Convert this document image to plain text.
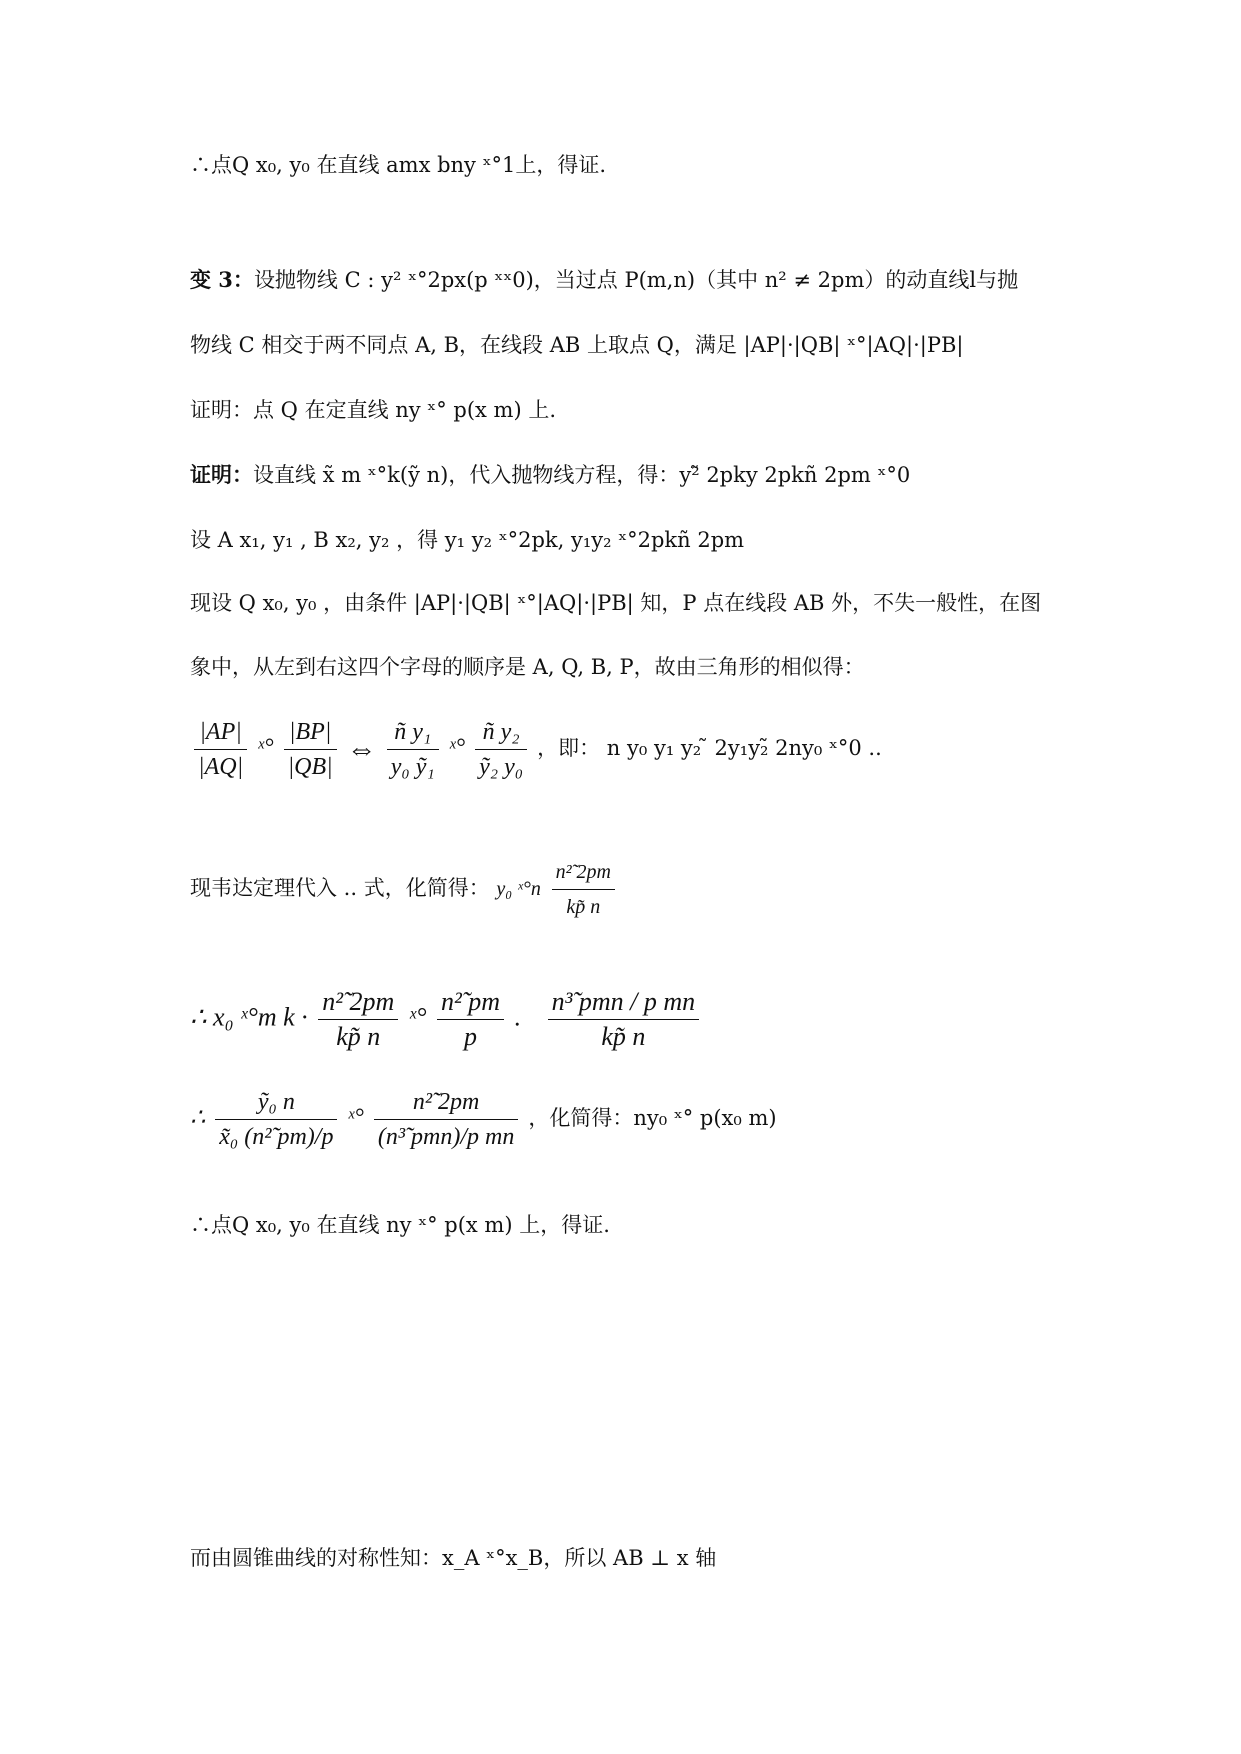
∴点Q x₀, y₀ 在直线 amx bny ˣ°1上，得证.
变 3：设抛物线 C : y² ˣ°2px(p ˣˣ0)，当过点 P(m,n)（其中 n² ≠ 2pm）的动直线l与抛
物线 C 相交于两不同点 A, B，在线段 AB 上取点 Q，满足 |AP|·|QB| ˣ°|AQ|·|PB|
证明：点 Q 在定直线 ny ˣ° p(x m) 上.
证明：设直线 x̃ m ˣ°k(ỹ n)，代入抛物线方程，得：y²̃ 2pky 2pkñ 2pm ˣ°0
设 A x₁, y₁ , B x₂, y₂ ，得 y₁ y₂ ˣ°2pk, y₁y₂ ˣ°2pkñ 2pm
现设 Q x₀, y₀ ，由条件 |AP|·|QB| ˣ°|AQ|·|PB| 知，P 点在线段 AB 外，不失一般性，在图
象中，从左到右这四个字母的顺序是 A, Q, B, P，故由三角形的相似得：
$\frac{|AP|}{|AQ|}$ ˣ° $\frac{|BP|}{|QB|}$ ⇔ $\frac{\text{ñ y₁}}{\text{y₀ ỹ₁}}$ ˣ° $\frac{\text{ñ y₂}}{\text{ỹ₂ y₀}}$ ，即： n y₀ y₁ y₂ ̃ 2y₁y₂̃ 2ny₀ ˣ°0 ..
现韦达定理代入 .. 式，化简得： y₀ ˣ°n $\frac{\text{n²̃ 2pm}}{kp̃ n}$
∴ x₀ ˣ°m $k \cdot \frac{\text{n²̃ 2pm}}{kp̃ n}$ ˣ° $\frac{\text{n²̃ pm}}{p}$ . $\frac{\text{n³̃ pmn / p mn}}{kp̃ n}$
∴ $\frac{\text{ỹ₀ n}}{\text{x̃₀ (n²̃ pm)/p}}$ ˣ° $\frac{\text{n²̃ 2pm}}{\text{(n³̃ pmn)/p mn}}$ ，化简得：ny₀ ˣ° p(x₀ m)
∴点Q x₀, y₀ 在直线 ny ˣ° p(x m) 上，得证.
而由圆锥曲线的对称性知：x_A ˣ°x_B，所以 AB ⊥ x 轴
